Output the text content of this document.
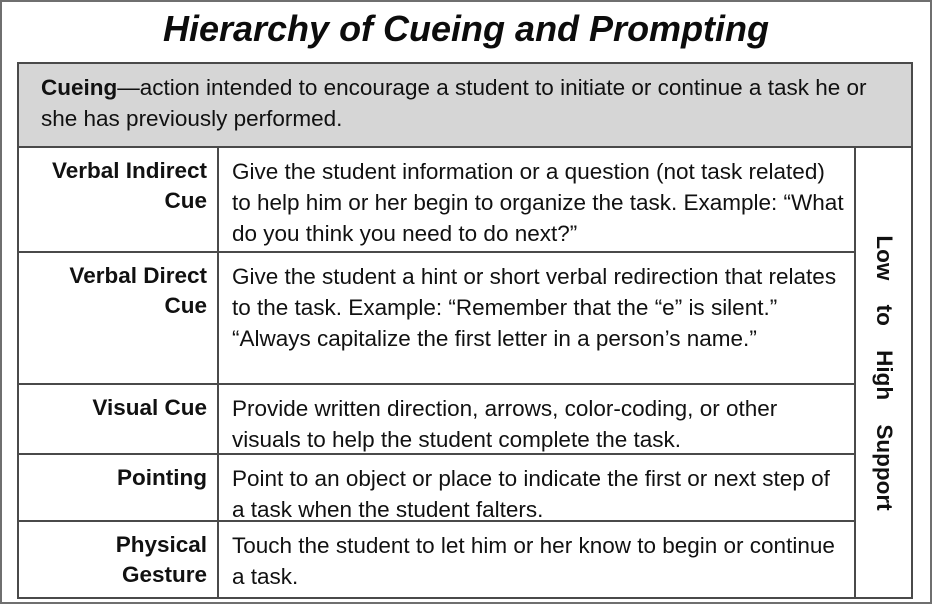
Hierarchy of Cueing and Prompting
Cueing—action intended to encourage a student to initiate or continue a task he or she has previously performed.
Verbal Indirect Cue
Give the student information or a question (not task related) to help him or her begin to organize the task. Example: “What do you think you need to do next?”
Verbal Direct Cue
Give the student a hint or short verbal redirection that relates to the task. Example: “Remember that the “e” is silent.” “Always capitalize the first letter in a person’s name.”
Visual Cue	Provide written direction, arrows, color-coding, or other visuals to help the student complete the task.
Pointing	Point to an object or place to indicate the first or next step of a task when the student falters.
Physical Gesture
Touch the student to let him or her know to begin or continue a task.
Low to High Support
